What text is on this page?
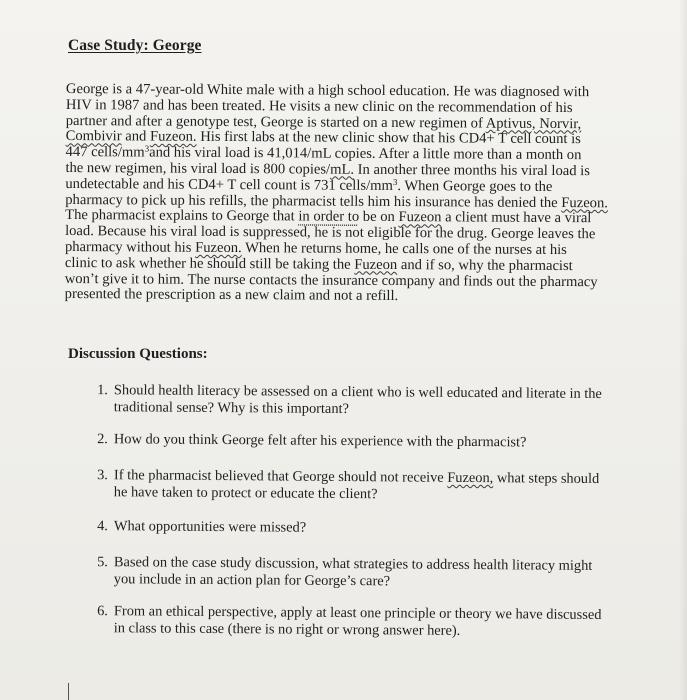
Case Study: George
George is a 47-year-old White male with a high school education. He was diagnosed with
HIV in 1987 and has been treated. He visits a new clinic on the recommendation of his
partner and after a genotype test, George is started on a new regimen of Aptivus, Norvir,
Combivir and Fuzeon. His first labs at the new clinic show that his CD4+ T cell count is
447 cells/$mm^3and$ his viral load is 41,014/mL copies. After a little more than a month on
the new regimen, his viral load is 800 copies/mL. In another three months his viral load is
undetectable and his CD4+ T cell count is 731 cells/$mm^3$. When George goes to the
pharmacy to pick up his refills, the pharmacist tells him his insurance has denied the Fuzeon.
The pharmacist explains to George that in order to be on Fuzeon a client must have a viral
load. Because his viral load is suppressed, he is not eligible for the drug. George leaves the
pharmacy without his Fuzeon. When he returns home, he calls one of the nurses at his
clinic to ask whether he should still be taking the Fuzeon and if so, why the pharmacist
won’t give it to him. The nurse contacts the insurance company and finds out the pharmacy
presented the prescription as a new claim and not a refill.
Discussion Questions:
1. Should health literacy be assessed on a client who is well educated and literate in the
traditional sense? Why is this important?
2. How do you think George felt after his experience with the pharmacist?
3. If the pharmacist believed that George should not receive Fuzeon, what steps should
he have taken to protect or educate the client?
4. What opportunities were missed?
5. Based on the case study discussion, what strategies to address health literacy might
you include in an action plan for George’s care?
6. From an ethical perspective, apply at least one principle or theory we have discussed
in class to this case (there is no right or wrong answer here).
